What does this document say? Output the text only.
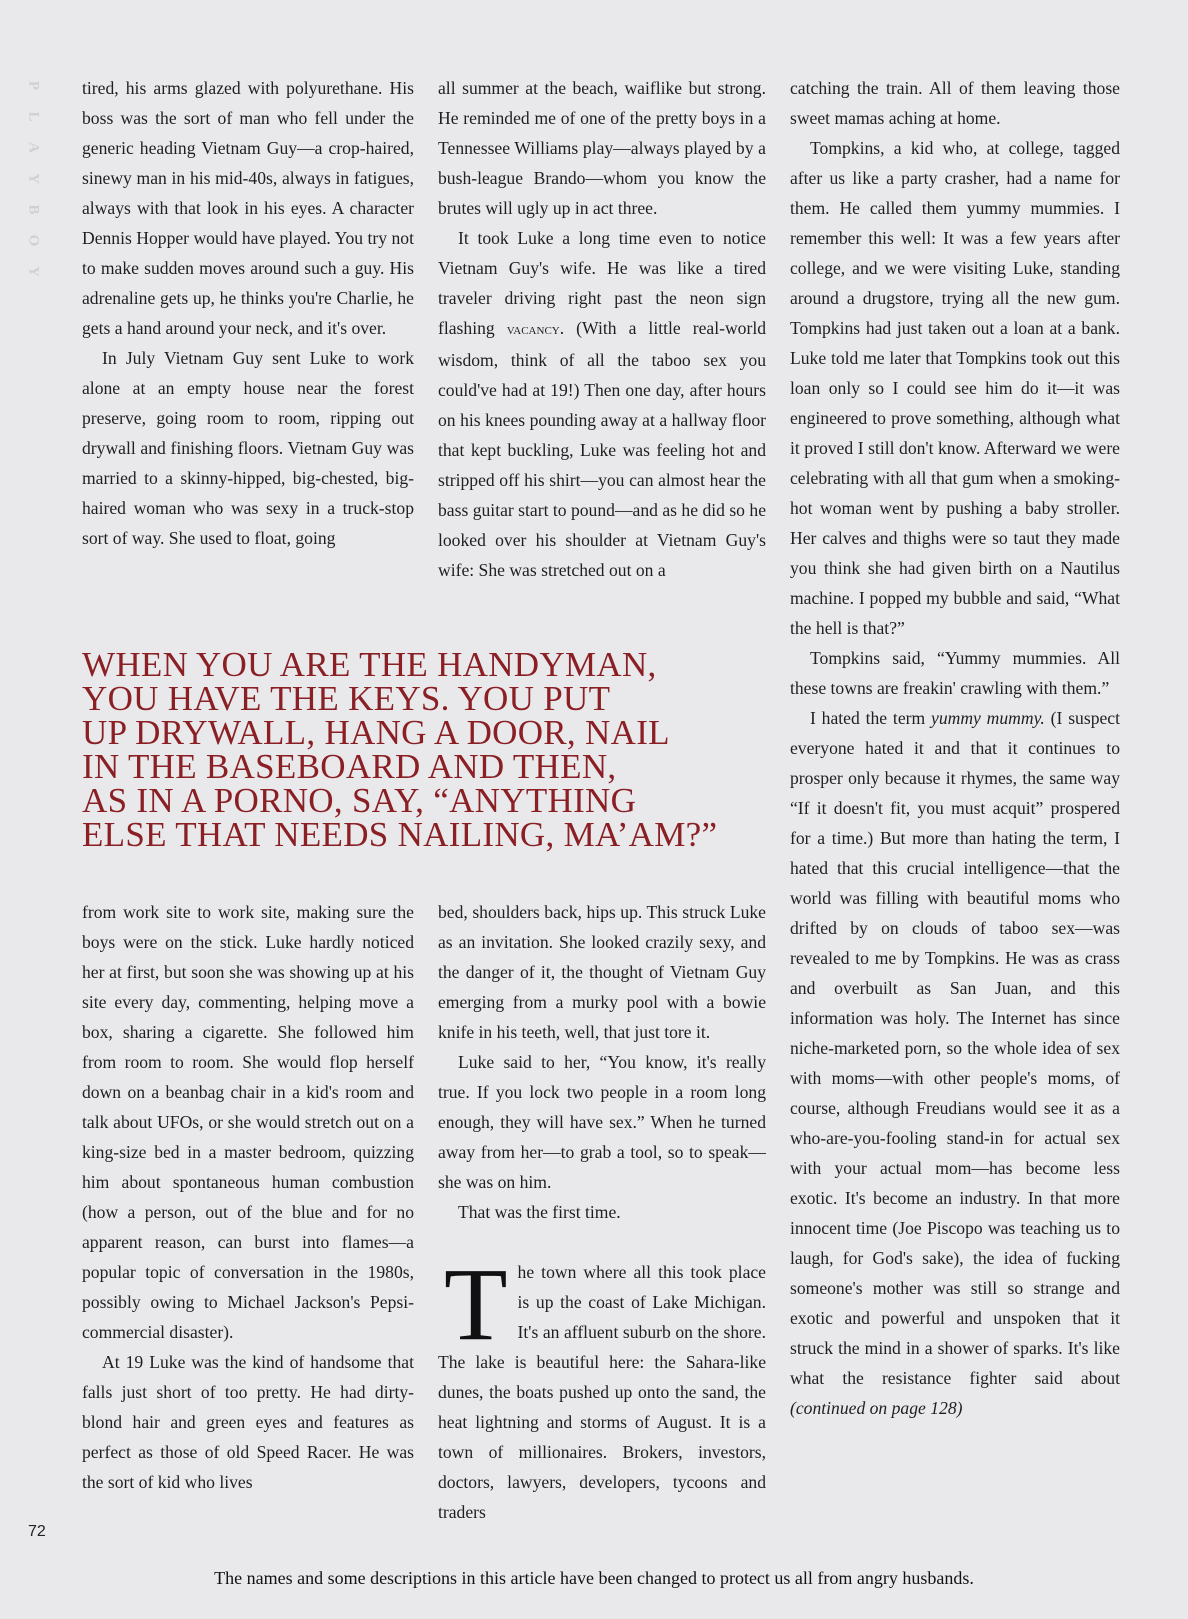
P
L
A
Y
B
O
Y

tired, his arms glazed with polyurethane. His boss was the sort of man who fell under the generic heading Vietnam Guy—a crop-haired, sinewy man in his mid-40s, always in fatigues, always with that look in his eyes. A character Dennis Hopper would have played. You try not to make sudden moves around such a guy. His adrenaline gets up, he thinks you're Charlie, he gets a hand around your neck, and it's over.

In July Vietnam Guy sent Luke to work alone at an empty house near the forest preserve, going room to room, ripping out drywall and finishing floors. Vietnam Guy was married to a skinny-hipped, big-chested, big-haired woman who was sexy in a truck-stop sort of way. She used to float, going

all summer at the beach, waiflike but strong. He reminded me of one of the pretty boys in a Tennessee Williams play—always played by a bush-league Brando—whom you know the brutes will ugly up in act three.

It took Luke a long time even to notice Vietnam Guy's wife. He was like a tired traveler driving right past the neon sign flashing vacancy. (With a little real-world wisdom, think of all the taboo sex you could've had at 19!) Then one day, after hours on his knees pounding away at a hallway floor that kept buckling, Luke was feeling hot and stripped off his shirt—you can almost hear the bass guitar start to pound—and as he did so he looked over his shoulder at Vietnam Guy's wife: She was stretched out on a

WHEN YOU ARE THE HANDYMAN,
YOU HAVE THE KEYS. YOU PUT
UP DRYWALL, HANG A DOOR, NAIL
IN THE BASEBOARD AND THEN,
AS IN A PORNO, SAY, “ANYTHING
ELSE THAT NEEDS NAILING, MA’AM?”

from work site to work site, making sure the boys were on the stick. Luke hardly noticed her at first, but soon she was showing up at his site every day, commenting, helping move a box, sharing a cigarette. She followed him from room to room. She would flop herself down on a beanbag chair in a kid's room and talk about UFOs, or she would stretch out on a king-size bed in a master bedroom, quizzing him about spontaneous human combustion (how a person, out of the blue and for no apparent reason, can burst into flames—a popular topic of conversation in the 1980s, possibly owing to Michael Jackson's Pepsi-commercial disaster).

At 19 Luke was the kind of handsome that falls just short of too pretty. He had dirty-blond hair and green eyes and features as perfect as those of old Speed Racer. He was the sort of kid who lives

bed, shoulders back, hips up. This struck Luke as an invitation. She looked crazily sexy, and the danger of it, the thought of Vietnam Guy emerging from a murky pool with a bowie knife in his teeth, well, that just tore it.

Luke said to her, “You know, it's really true. If you lock two people in a room long enough, they will have sex.” When he turned away from her—to grab a tool, so to speak—she was on him.

That was the first time.

T he town where all this took place is up the coast of Lake Michigan. It's an affluent suburb on the shore. The lake is beautiful here: the Sahara-like dunes, the boats pushed up onto the sand, the heat lightning and storms of August. It is a town of millionaires. Brokers, investors, doctors, lawyers, developers, tycoons and traders

catching the train. All of them leaving those sweet mamas aching at home.

Tompkins, a kid who, at college, tagged after us like a party crasher, had a name for them. He called them yummy mummies. I remember this well: It was a few years after college, and we were visiting Luke, standing around a drugstore, trying all the new gum. Tompkins had just taken out a loan at a bank. Luke told me later that Tompkins took out this loan only so I could see him do it—it was engineered to prove something, although what it proved I still don't know. Afterward we were celebrating with all that gum when a smoking-hot woman went by pushing a baby stroller. Her calves and thighs were so taut they made you think she had given birth on a Nautilus machine. I popped my bubble and said, “What the hell is that?”

Tompkins said, “Yummy mummies. All these towns are freakin' crawling with them.”

I hated the term yummy mummy. (I suspect everyone hated it and that it continues to prosper only because it rhymes, the same way “If it doesn't fit, you must acquit” prospered for a time.) But more than hating the term, I hated that this crucial intelligence—that the world was filling with beautiful moms who drifted by on clouds of taboo sex—was revealed to me by Tompkins. He was as crass and overbuilt as San Juan, and this information was holy. The Internet has since niche-marketed porn, so the whole idea of sex with moms—with other people's moms, of course, although Freudians would see it as a who-are-you-fooling stand-in for actual sex with your actual mom—has become less exotic. It's become an industry. In that more innocent time (Joe Piscopo was teaching us to laugh, for God's sake), the idea of fucking someone's mother was still so strange and exotic and powerful and unspoken that it struck the mind in a shower of sparks. It's like what the resistance fighter said about (continued on page 128)

72
The names and some descriptions in this article have been changed to protect us all from angry husbands.
